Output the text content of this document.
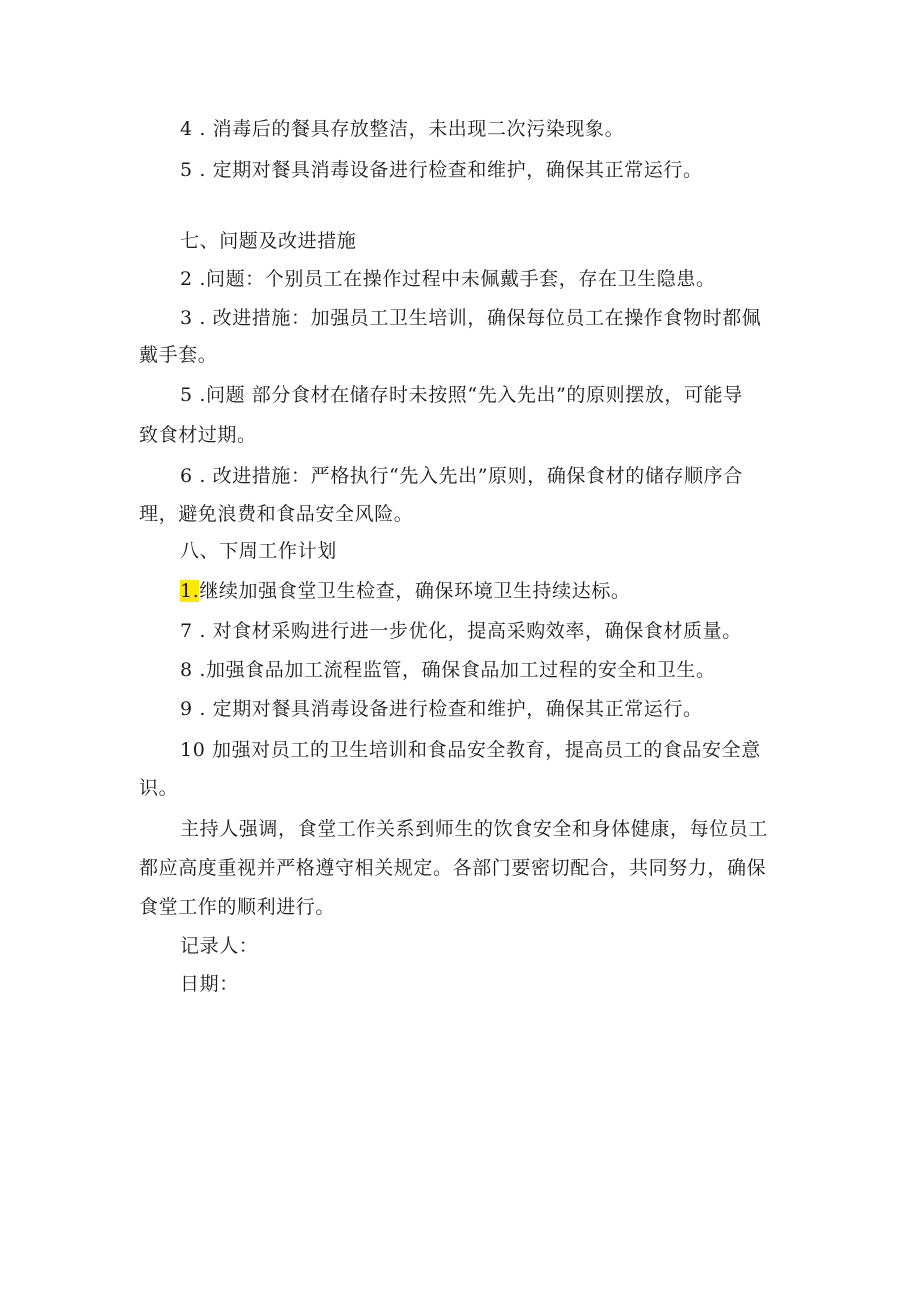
4 . 消毒后的餐具存放整洁，未出现二次污染现象。
5 . 定期对餐具消毒设备进行检查和维护，确保其正常运行。
七、问题及改进措施
2 .问题：个别员工在操作过程中未佩戴手套，存在卫生隐患。
3 . 改进措施：加强员工卫生培训，确保每位员工在操作食物时都佩
戴手套。
5 .问题 部分食材在储存时未按照“先入先出”的原则摆放，可能导
致食材过期。
6 . 改进措施：严格执行“先入先出”原则，确保食材的储存顺序合
理，避免浪费和食品安全风险。
八、下周工作计划
1.继续加强食堂卫生检查，确保环境卫生持续达标。
7 . 对食材采购进行进一步优化，提高采购效率，确保食材质量。
8 .加强食品加工流程监管，确保食品加工过程的安全和卫生。
9 . 定期对餐具消毒设备进行检查和维护，确保其正常运行。
10 加强对员工的卫生培训和食品安全教育，提高员工的食品安全意
识。
主持人强调，食堂工作关系到师生的饮食安全和身体健康，每位员工
都应高度重视并严格遵守相关规定。各部门要密切配合，共同努力，确保
食堂工作的顺利进行。
记录人：
日期：
